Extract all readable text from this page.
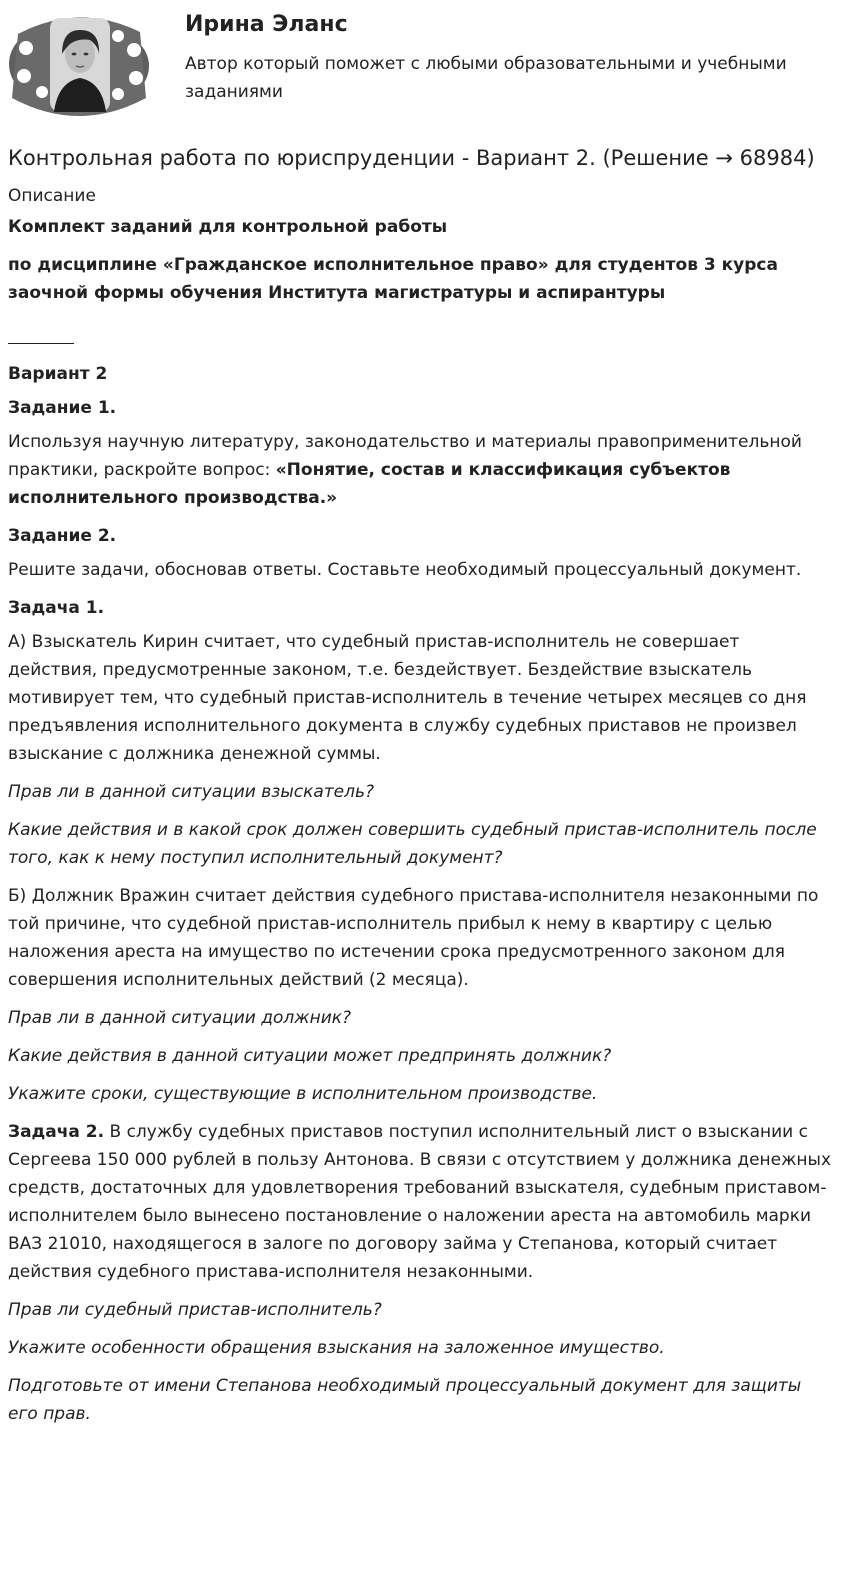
Ирина Эланс
Автор который поможет с любыми образовательными и учебными заданиями
Контрольная работа по юриспруденции - Вариант 2. (Решение → 68984)
Описание

Комплект заданий для контрольной работы

по дисциплине «Гражданское исполнительное право» для студентов 3 курса заочной формы обучения Института магистратуры и аспирантуры

Вариант 2

Задание 1.

Используя научную литературу, законодательство и материалы правоприменительной практики, раскройте вопрос: «Понятие, состав и классификация субъектов исполнительного производства.»

Задание 2.

Решите задачи, обосновав ответы. Составьте необходимый процессуальный документ.

Задача 1.

А) Взыскатель Кирин считает, что судебный пристав-исполнитель не совершает действия, предусмотренные законом, т.е. бездействует. Бездействие взыскатель мотивирует тем, что судебный пристав-исполнитель в течение четырех месяцев со дня предъявления исполнительного документа в службу судебных приставов не произвел взыскание с должника денежной суммы.

Прав ли в данной ситуации взыскатель?

Какие действия и в какой срок должен совершить судебный пристав-исполнитель после того, как к нему поступил исполнительный документ?

Б) Должник Вражин считает действия судебного пристава-исполнителя незаконными по той причине, что судебной пристав-исполнитель прибыл к нему в квартиру с целью наложения ареста на имущество по истечении срока предусмотренного законом для совершения исполнительных действий (2 месяца).

Прав ли в данной ситуации должник?

Какие действия в данной ситуации может предпринять должник?

Укажите сроки, существующие в исполнительном производстве.

Задача 2. В службу судебных приставов поступил исполнительный лист о взыскании с Сергеева 150 000 рублей в пользу Антонова. В связи с отсутствием у должника денежных средств, достаточных для удовлетворения требований взыскателя, судебным приставом-исполнителем было вынесено постановление о наложении ареста на автомобиль марки ВАЗ 21010, находящегося в залоге по договору займа у Степанова, который считает действия судебного пристава-исполнителя незаконными.

Прав ли судебный пристав-исполнитель?

Укажите особенности обращения взыскания на заложенное имущество.

Подготовьте от имени Степанова необходимый процессуальный документ для защиты его прав.
